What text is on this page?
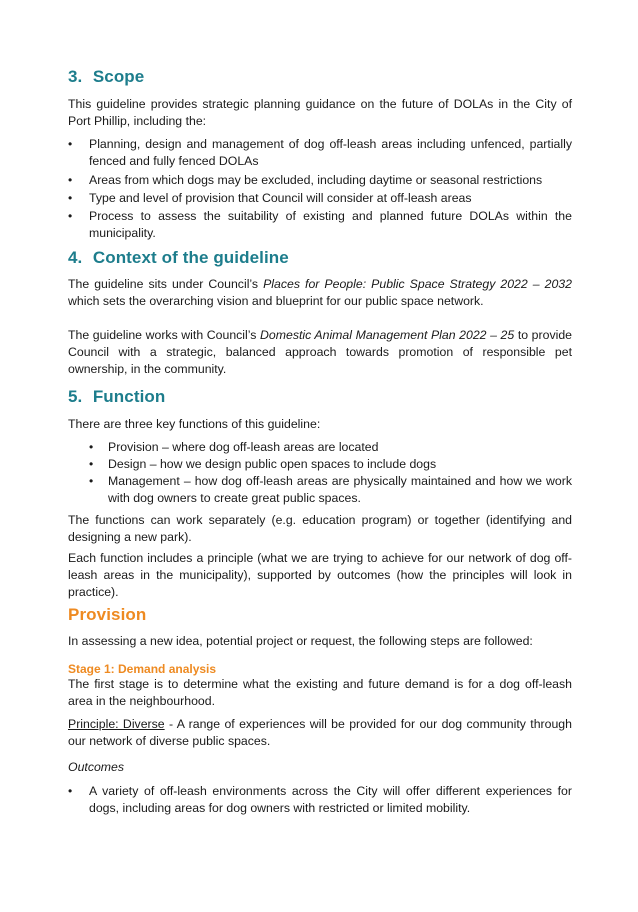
3. Scope

This guideline provides strategic planning guidance on the future of DOLAs in the City of Port Phillip, including the:

• Planning, design and management of dog off-leash areas including unfenced, partially fenced and fully fenced DOLAs
• Areas from which dogs may be excluded, including daytime or seasonal restrictions
• Type and level of provision that Council will consider at off-leash areas
• Process to assess the suitability of existing and planned future DOLAs within the municipality.
4. Context of the guideline

The guideline sits under Council’s Places for People: Public Space Strategy 2022 – 2032 which sets the overarching vision and blueprint for our public space network.

The guideline works with Council’s Domestic Animal Management Plan 2022 – 25 to provide Council with a strategic, balanced approach towards promotion of responsible pet ownership, in the community.

5. Function

There are three key functions of this guideline:

• Provision – where dog off-leash areas are located
• Design – how we design public open spaces to include dogs
• Management – how dog off-leash areas are physically maintained and how we work with dog owners to create great public spaces.

The functions can work separately (e.g. education program) or together (identifying and designing a new park).

Each function includes a principle (what we are trying to achieve for our network of dog off-leash areas in the municipality), supported by outcomes (how the principles will look in practice).

Provision

In assessing a new idea, potential project or request, the following steps are followed:

Stage 1: Demand analysis

The first stage is to determine what the existing and future demand is for a dog off-leash area in the neighbourhood.

Principle: Diverse - A range of experiences will be provided for our dog community through our network of diverse public spaces.

Outcomes

• A variety of off-leash environments across the City will offer different experiences for dogs, including areas for dog owners with restricted or limited mobility.
